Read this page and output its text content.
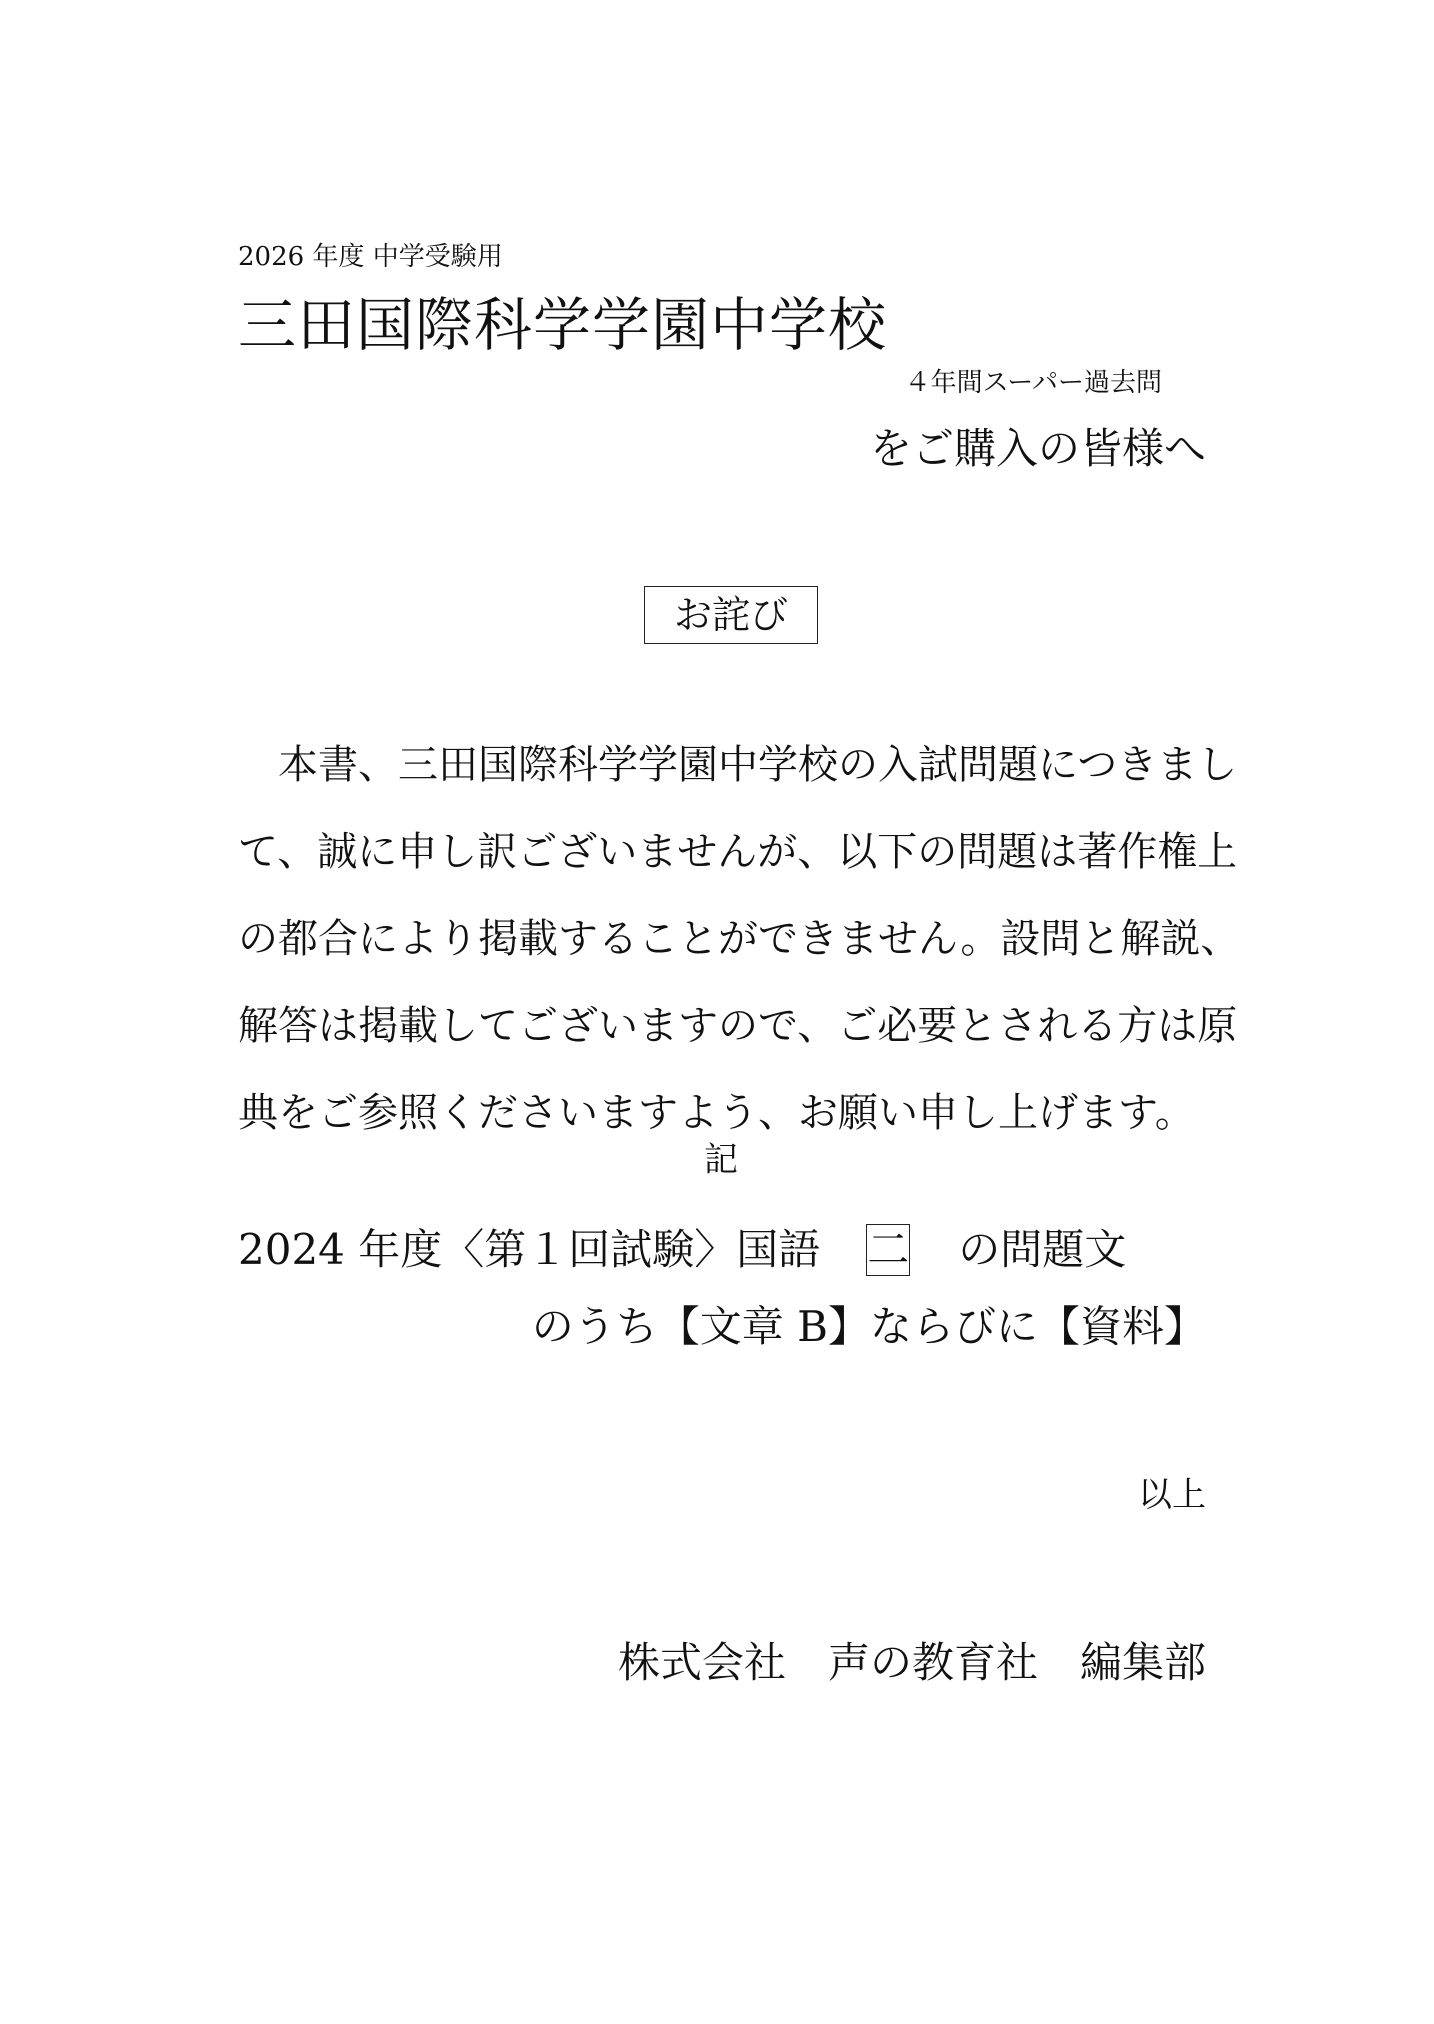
2026 年度 中学受験用
三田国際科学学園中学校
４年間スーパー過去問
をご購入の皆様へ
お詫び
本書、三田国際科学学園中学校の入試問題につきまし
て、誠に申し訳ございませんが、以下の問題は著作権上
の都合により掲載することができません。設問と解説、
解答は掲載してございますので、ご必要とされる方は原
典をご参照くださいますよう、お願い申し上げます。
記
2024 年度〈第１回試験〉国語 二 の問題文
のうち【文章 B】ならびに【資料】
以上
株式会社　声の教育社　編集部
